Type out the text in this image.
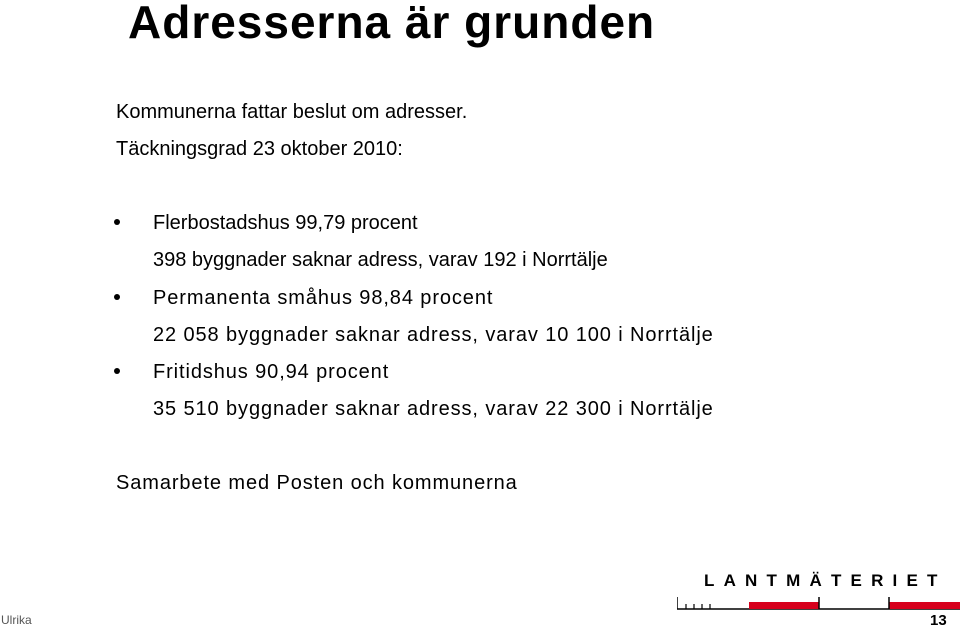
Adresserna är grunden
Kommunerna fattar beslut om adresser.
Täckningsgrad 23 oktober 2010:
Flerbostadshus 99,79 procent
398 byggnader saknar adress, varav 192 i Norrtälje
Permanenta småhus 98,84 procent
22 058 byggnader saknar adress, varav 10 100 i Norrtälje
Fritidshus 90,94 procent
35 510 byggnader saknar adress, varav 22 300 i Norrtälje
Samarbete med Posten och kommunerna
LANTMÄTERIET
Ulrika	13
